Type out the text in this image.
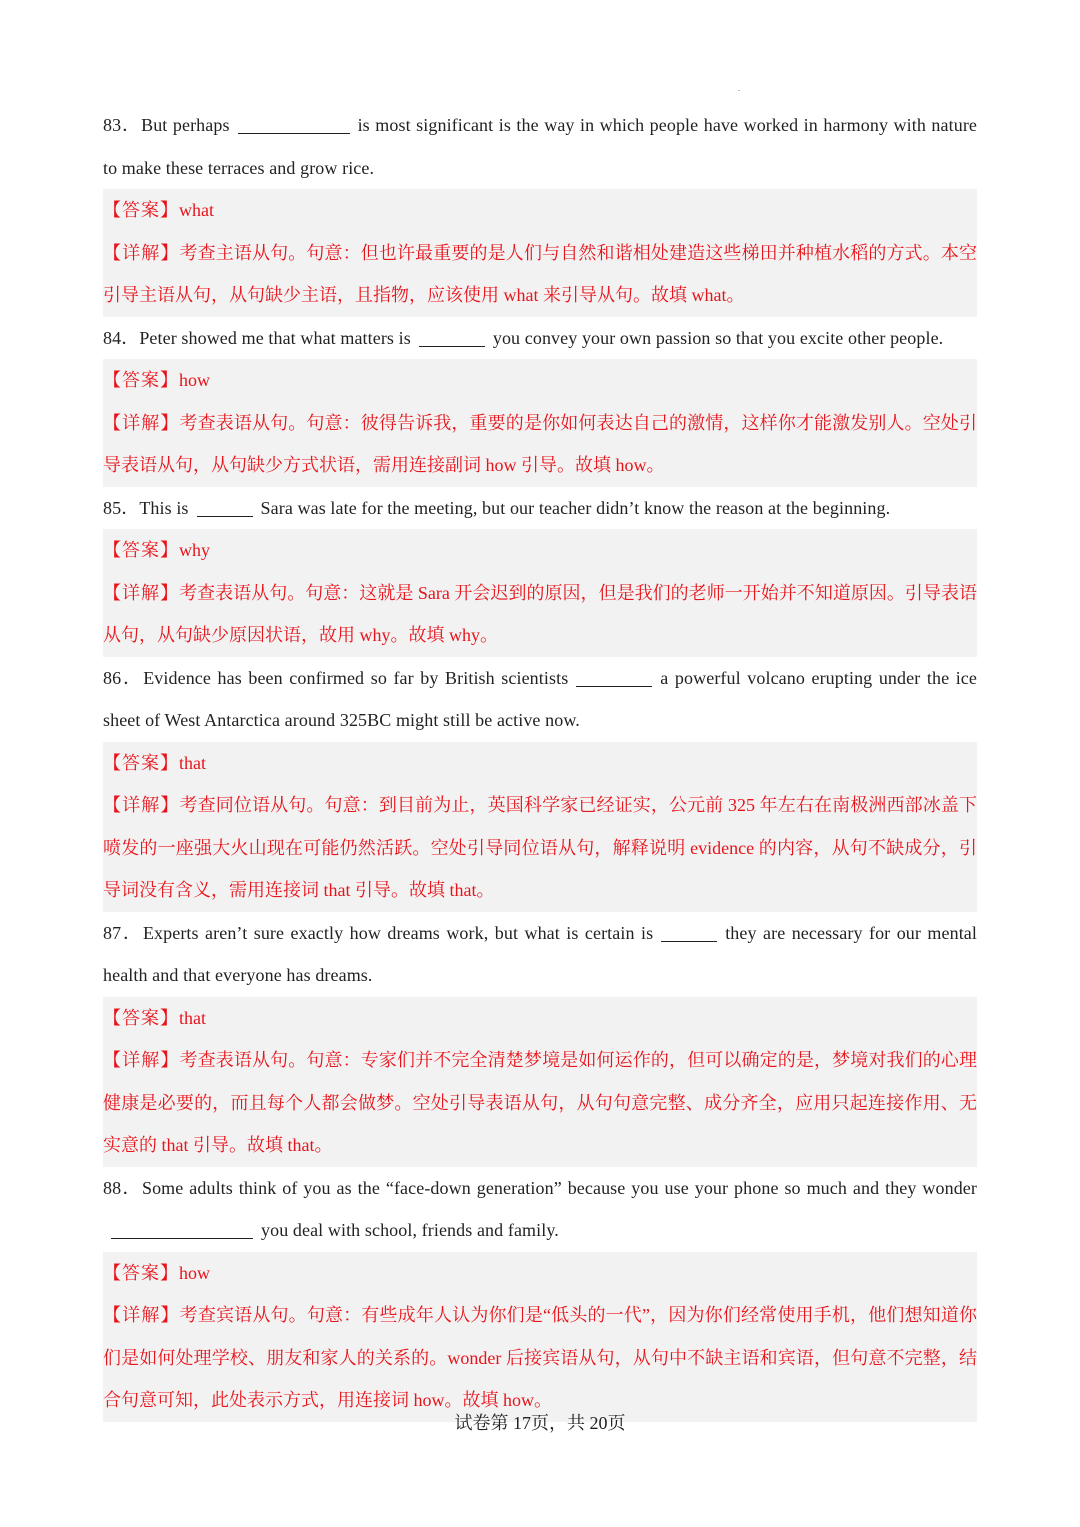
83．But perhaps	is most significant is the way in which people have worked in harmony with nature to make these terraces and grow rice.

【答案】what

【详解】考查主语从句。句意：但也许最重要的是人们与自然和谐相处建造这些梯田并种植水稻的方式。本空引导主语从句，从句缺少主语，且指物，应该使用 what 来引导从句。故填 what。

84．Peter showed me that what matters is	you convey your own passion so that you excite other people.

【答案】how

【详解】考查表语从句。句意：彼得告诉我，重要的是你如何表达自己的激情，这样你才能激发别人。空处引导表语从句，从句缺少方式状语，需用连接副词 how 引导。故填 how。

85．This is	Sara was late for the meeting, but our teacher didn’t know the reason at the beginning.

【答案】why

【详解】考查表语从句。句意：这就是 Sara 开会迟到的原因，但是我们的老师一开始并不知道原因。引导表语从句，从句缺少原因状语，故用 why。故填 why。

86．Evidence has been confirmed so far by British scientists	a powerful volcano erupting under the ice sheet of West Antarctica around 325BC might still be active now.

【答案】that

【详解】考查同位语从句。句意：到目前为止，英国科学家已经证实，公元前 325 年左右在南极洲西部冰盖下喷发的一座强大火山现在可能仍然活跃。空处引导同位语从句，解释说明 evidence 的内容，从句不缺成分，引导词没有含义，需用连接词 that 引导。故填 that。

87．Experts aren’t sure exactly how dreams work, but what is certain is	they are necessary for our mental health and that everyone has dreams.

【答案】that

【详解】考查表语从句。句意：专家们并不完全清楚梦境是如何运作的，但可以确定的是，梦境对我们的心理健康是必要的，而且每个人都会做梦。空处引导表语从句，从句句意完整、成分齐全，应用只起连接作用、无实意的 that 引导。故填 that。

88．Some adults think of you as the “face-down generation” because you use your phone so much and they wonderyou deal with school, friends and family.

【答案】how

【详解】考查宾语从句。句意：有些成年人认为你们是“低头的一代”，因为你们经常使用手机，他们想知道你们是如何处理学校、朋友和家人的关系的。wonder 后接宾语从句，从句中不缺主语和宾语，但句意不完整，结合句意可知，此处表示方式，用连接词 how。故填 how。

试卷第 17页，共 20页
